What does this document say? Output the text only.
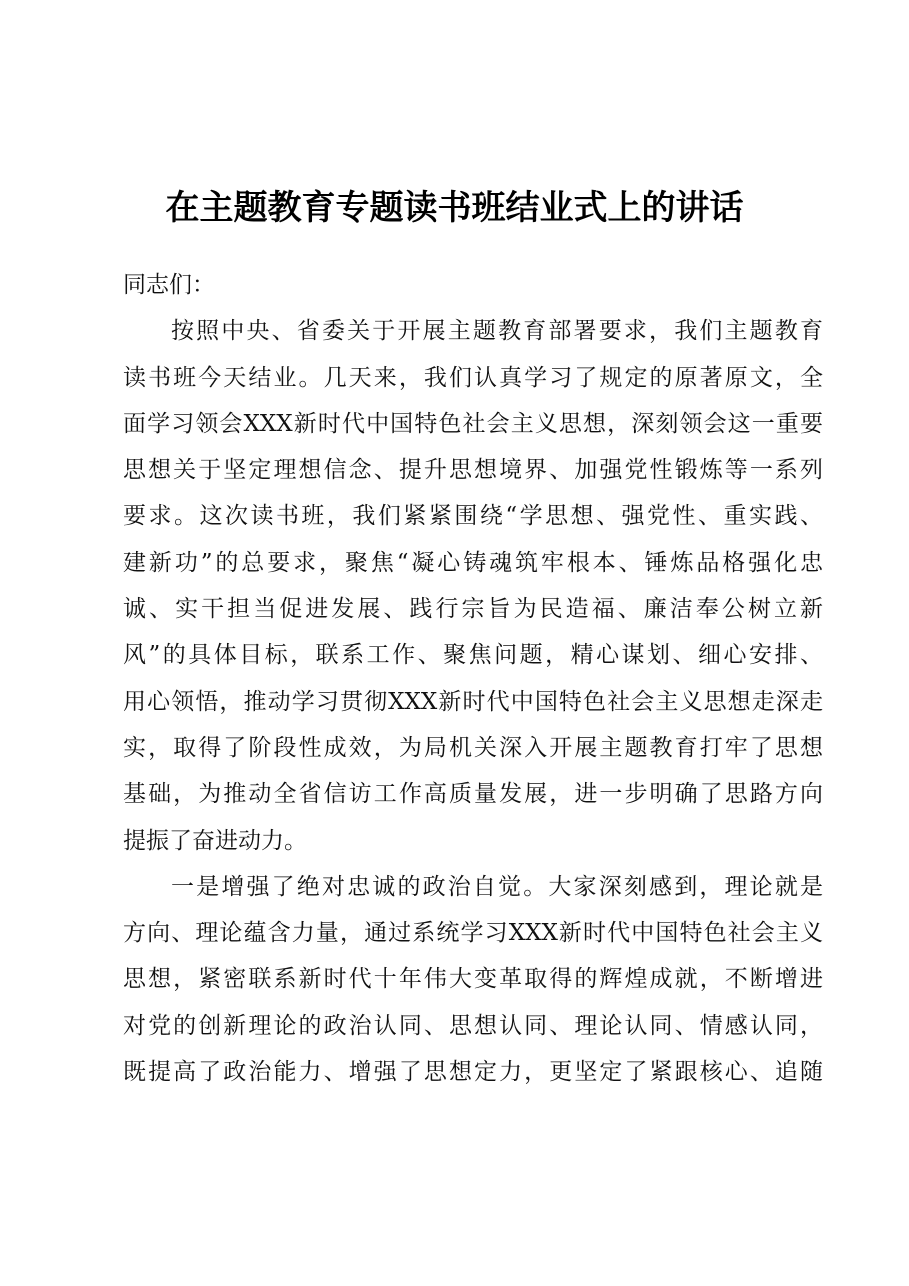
在主题教育专题读书班结业式上的讲话
同志们：
按照中央、省委关于开展主题教育部署要求，我们主题教育
读书班今天结业。几天来，我们认真学习了规定的原著原文，全
面学习领会XXX新时代中国特色社会主义思想，深刻领会这一重要
思想关于坚定理想信念、提升思想境界、加强党性锻炼等一系列
要求。这次读书班，我们紧紧围绕“学思想、强党性、重实践、
建新功”的总要求，聚焦“凝心铸魂筑牢根本、锤炼品格强化忠
诚、实干担当促进发展、践行宗旨为民造福、廉洁奉公树立新
风”的具体目标，联系工作、聚焦问题，精心谋划、细心安排、
用心领悟，推动学习贯彻XXX新时代中国特色社会主义思想走深走
实，取得了阶段性成效，为局机关深入开展主题教育打牢了思想
基础，为推动全省信访工作高质量发展，进一步明确了思路方向
提振了奋进动力。
一是增强了绝对忠诚的政治自觉。大家深刻感到，理论就是
方向、理论蕴含力量，通过系统学习XXX新时代中国特色社会主义
思想，紧密联系新时代十年伟大变革取得的辉煌成就，不断增进
对党的创新理论的政治认同、思想认同、理论认同、情感认同，
既提高了政治能力、增强了思想定力，更坚定了紧跟核心、追随
